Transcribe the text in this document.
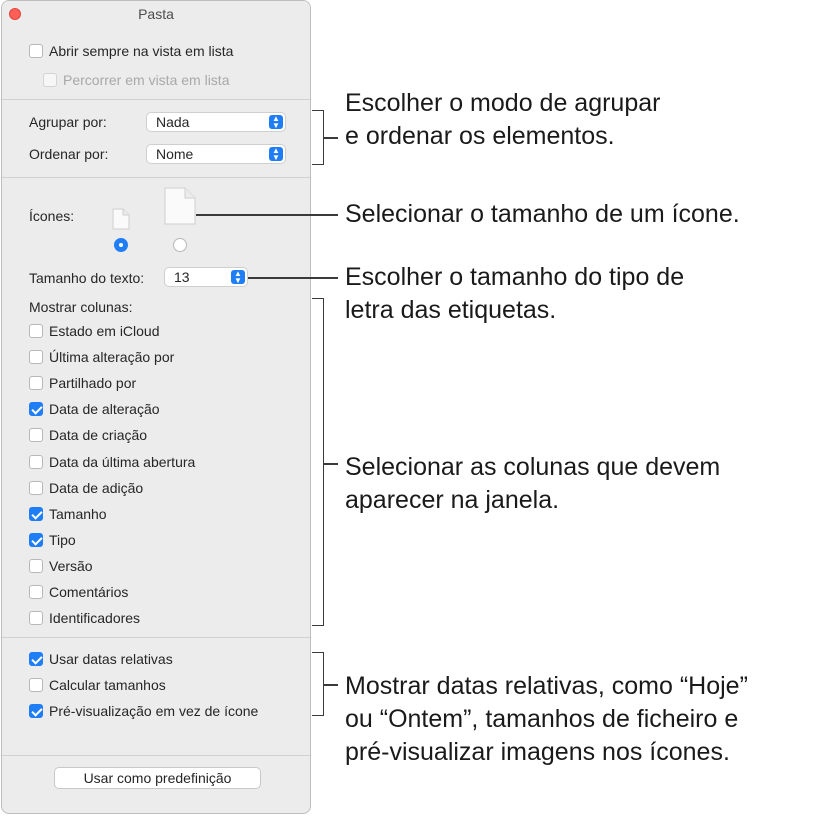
Pasta
Abrir sempre na vista em lista
Percorrer em vista em lista
Agrupar por:	Nada	▲
▼
Ordenar por:	Nome	▲
▼
Ícones:
Tamanho do texto: 13	▲
▼
Mostrar colunas:
Estado em iCloud
Última alteração por
Partilhado por
Data de alteração
Data de criação
Data da última abertura
Data de adição
Tamanho
Tipo
Versão
Comentários
Identificadores
Usar datas relativas
Calcular tamanhos
Pré-visualização em vez de ícone
Usar como predefinição
Escolher o modo de agrupar
e ordenar os elementos.
Selecionar o tamanho de um ícone.
Escolher o tamanho do tipo de
letra das etiquetas.
Selecionar as colunas que devem
aparecer na janela.
Mostrar datas relativas, como “Hoje”
ou “Ontem”, tamanhos de ficheiro e
pré-visualizar imagens nos ícones.
